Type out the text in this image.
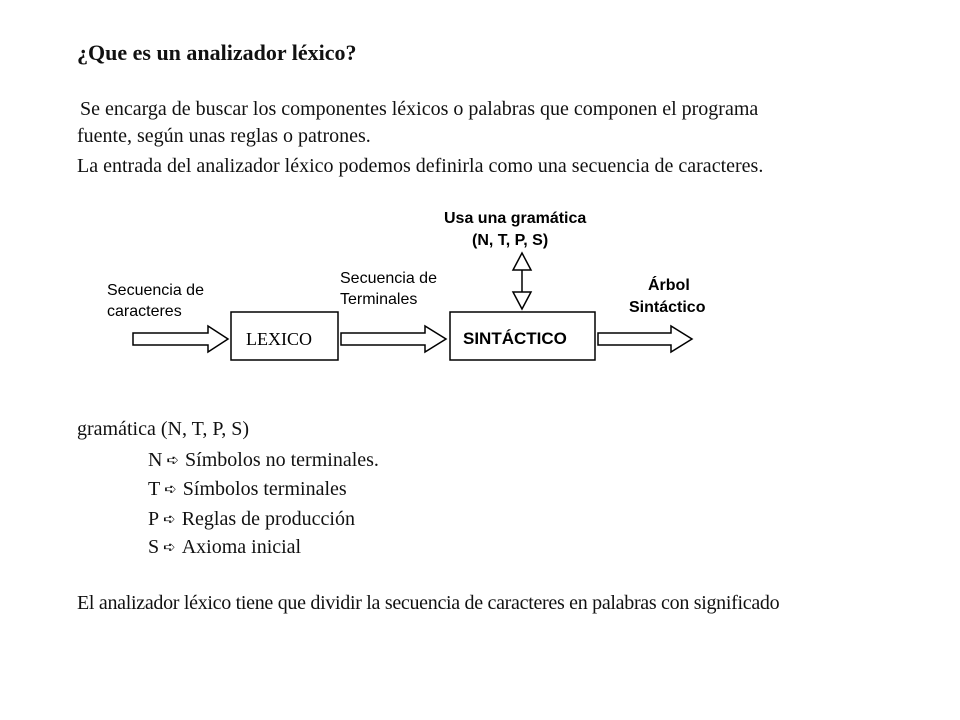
¿Que es un analizador léxico?
Se encarga de buscar los componentes léxicos o palabras que componen el programa
fuente, según unas reglas o patrones.
La entrada del analizador léxico podemos definirla como una secuencia de caracteres.
Secuencia de
caracteres
LEXICO
Secuencia de
Terminales
SINTÁCTICO
Usa una gramática
(N, T, P, S)
Árbol
Sintáctico
gramática (N, T, P, S)
N ➪ Símbolos no terminales.
T ➪ Símbolos terminales
P ➪ Reglas de producción
S ➪ Axioma inicial
El analizador léxico tiene que dividir la secuencia de caracteres en palabras con significado
